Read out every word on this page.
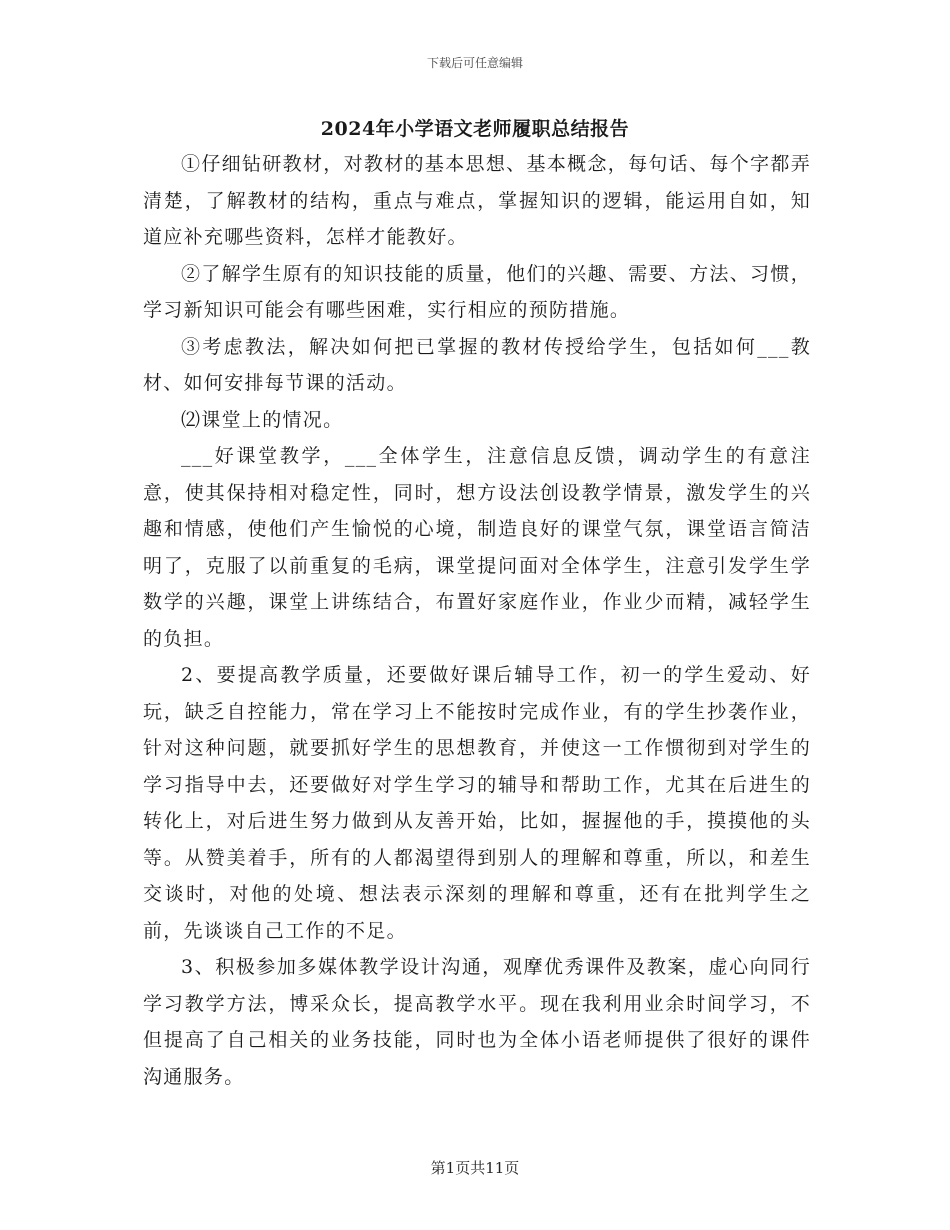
下载后可任意编辑
2024年小学语文老师履职总结报告

①仔细钻研教材，对教材的基本思想、基本概念，每句话、每个字都弄清楚，了解教材的结构，重点与难点，掌握知识的逻辑，能运用自如，知道应补充哪些资料，怎样才能教好。

②了解学生原有的知识技能的质量，他们的兴趣、需要、方法、习惯，学习新知识可能会有哪些困难，实行相应的预防措施。

③考虑教法，解决如何把已掌握的教材传授给学生，包括如何___教材、如何安排每节课的活动。

⑵课堂上的情况。

___好课堂教学，___全体学生，注意信息反馈，调动学生的有意注意，使其保持相对稳定性，同时，想方设法创设教学情景，激发学生的兴趣和情感，使他们产生愉悦的心境，制造良好的课堂气氛，课堂语言简洁明了，克服了以前重复的毛病，课堂提问面对全体学生，注意引发学生学数学的兴趣，课堂上讲练结合，布置好家庭作业，作业少而精，减轻学生的负担。

2、要提高教学质量，还要做好课后辅导工作，初一的学生爱动、好玩，缺乏自控能力，常在学习上不能按时完成作业，有的学生抄袭作业，针对这种问题，就要抓好学生的思想教育，并使这一工作惯彻到对学生的学习指导中去，还要做好对学生学习的辅导和帮助工作，尤其在后进生的转化上，对后进生努力做到从友善开始，比如，握握他的手，摸摸他的头等。从赞美着手，所有的人都渴望得到别人的理解和尊重，所以，和差生交谈时，对他的处境、想法表示深刻的理解和尊重，还有在批判学生之前，先谈谈自己工作的不足。

3、积极参加多媒体教学设计沟通，观摩优秀课件及教案，虚心向同行学习教学方法，博采众长，提高教学水平。现在我利用业余时间学习，不但提高了自己相关的业务技能，同时也为全体小语老师提供了很好的课件沟通服务。

第1页共11页
